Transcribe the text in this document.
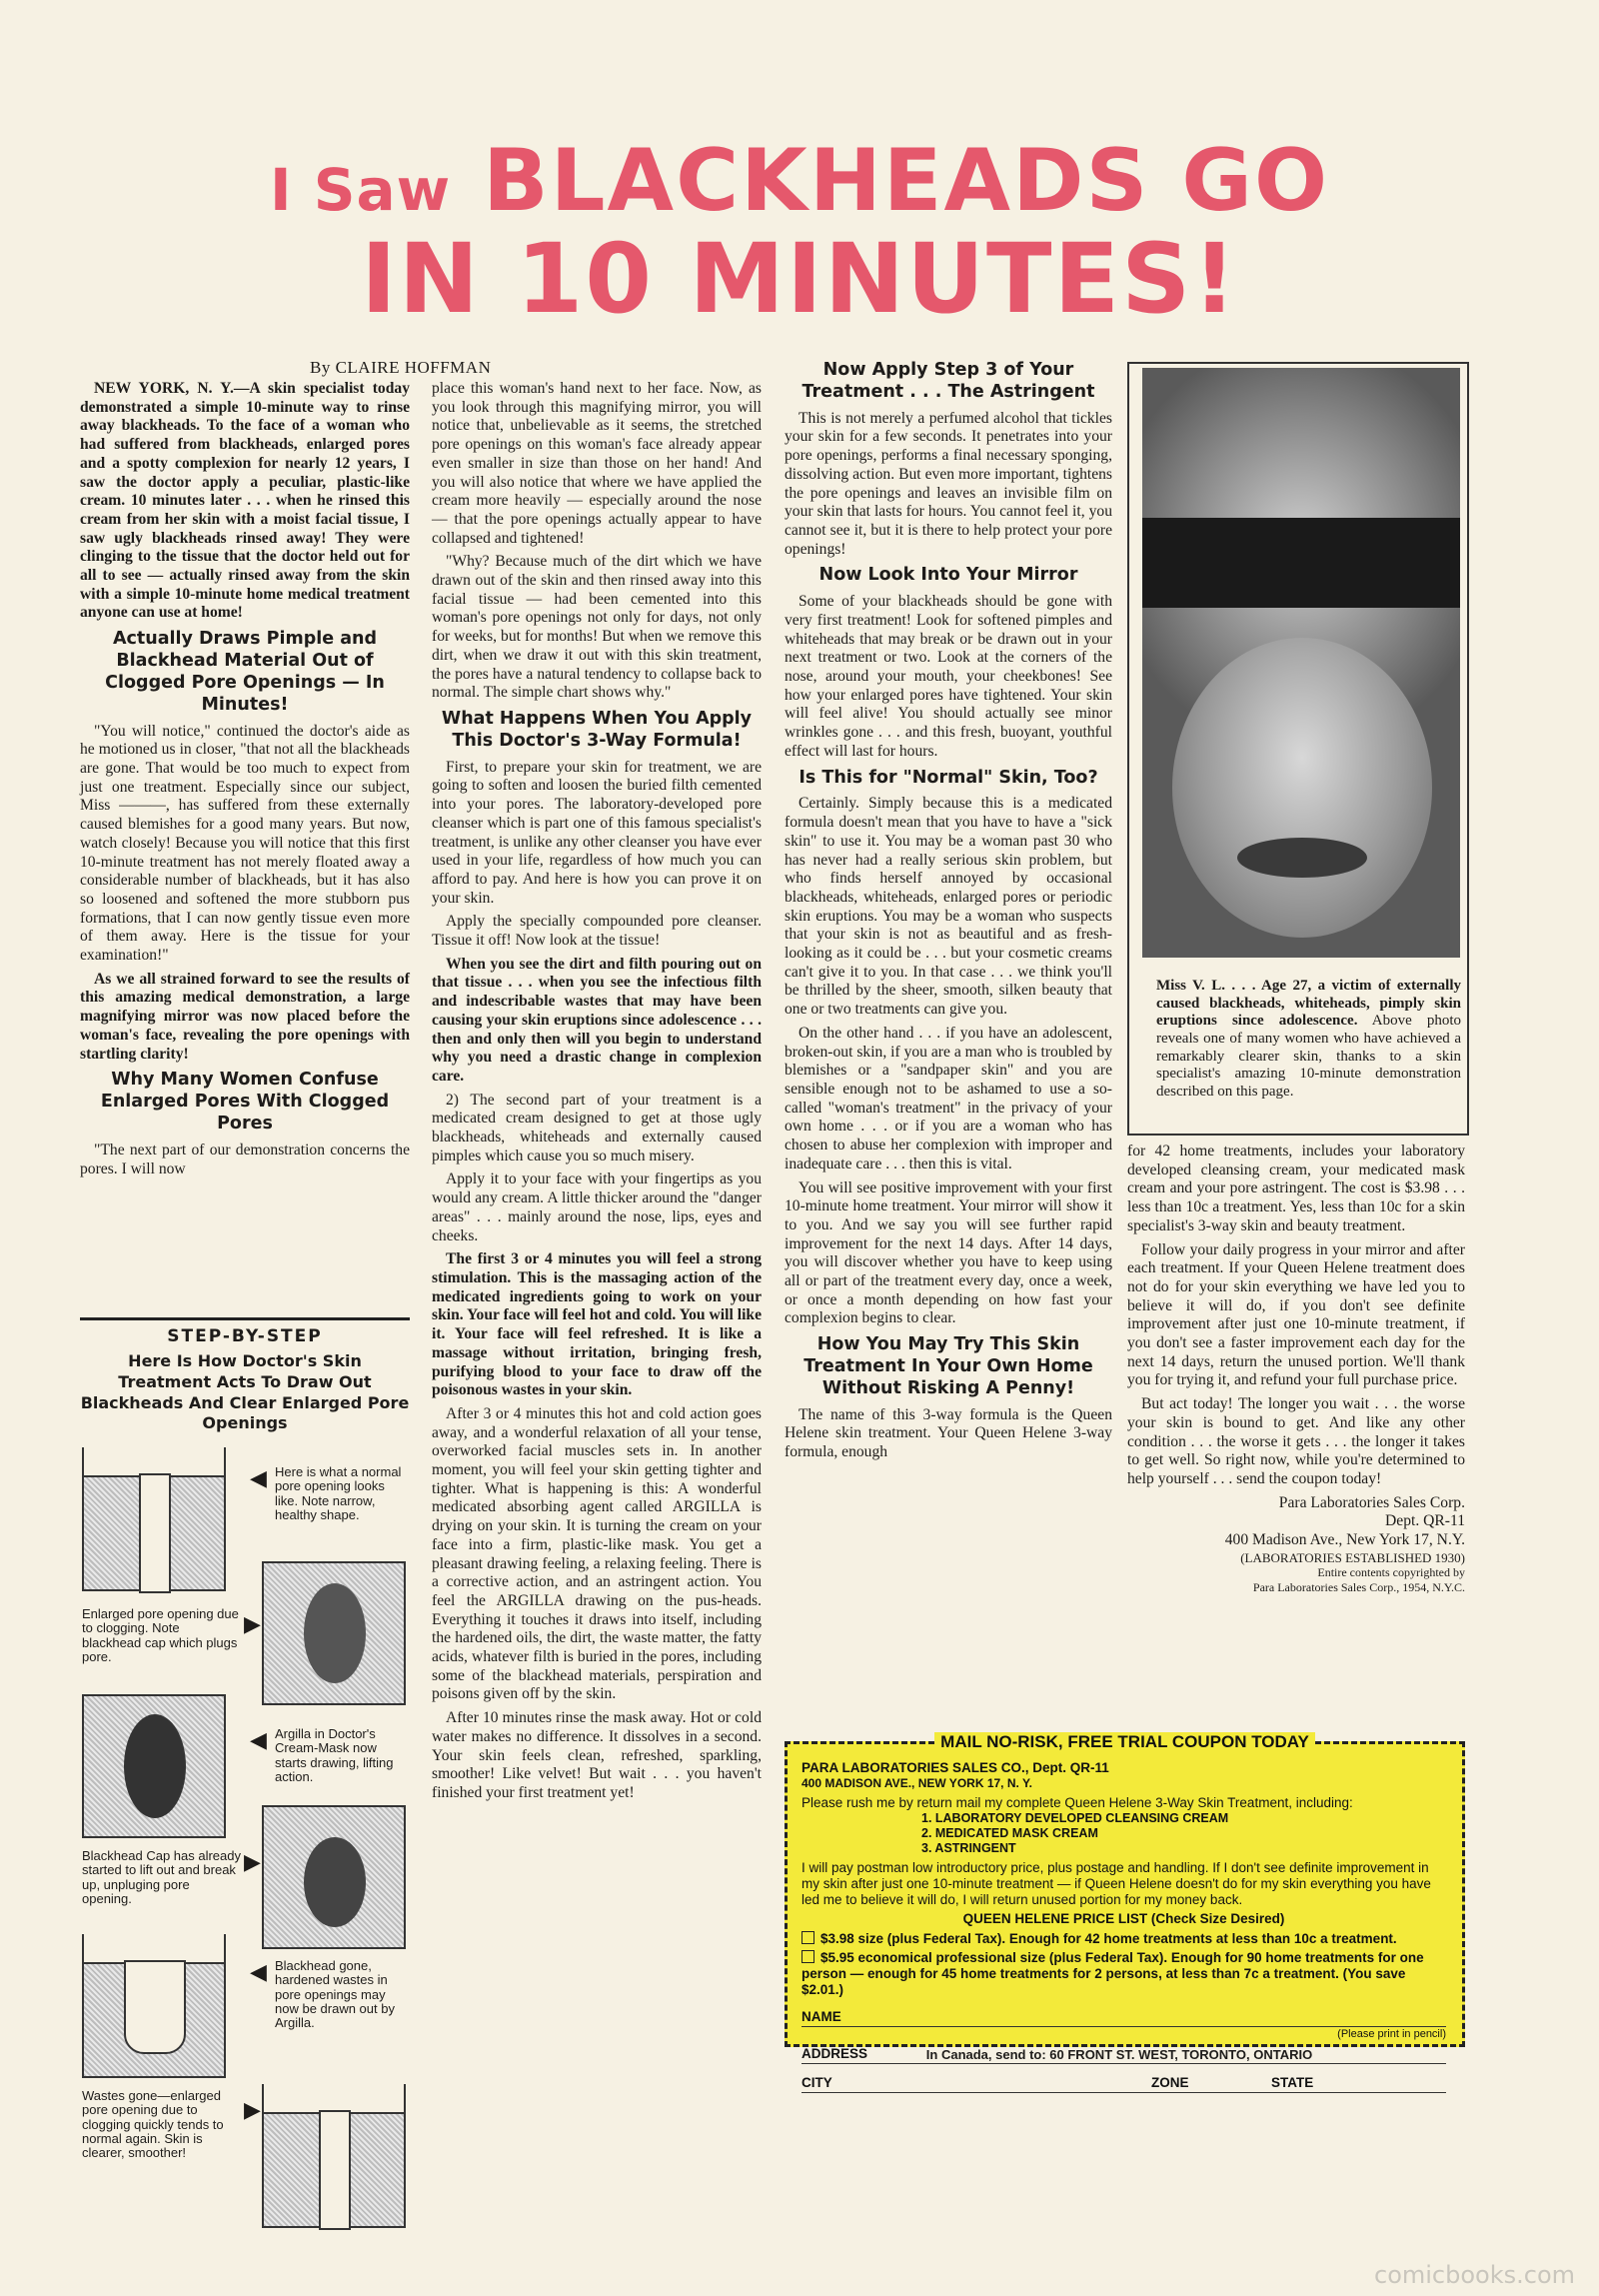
I Saw BLACKHEADS GO
IN 10 MINUTES!
By CLAIRE HOFFMAN

NEW YORK, N. Y.—A skin specialist today demonstrated a simple 10-minute way to rinse away blackheads. To the face of a woman who had suffered from blackheads, enlarged pores and a spotty complexion for nearly 12 years, I saw the doctor apply a peculiar, plastic-like cream. 10 minutes later . . . when he rinsed this cream from her skin with a moist facial tissue, I saw ugly blackheads rinsed away! They were clinging to the tissue that the doctor held out for all to see — actually rinsed away from the skin with a simple 10-minute home medical treatment anyone can use at home!

Actually Draws Pimple and Blackhead Material Out of Clogged Pore Openings — In Minutes!

"You will notice," continued the doctor's aide as he motioned us in closer, "that not all the blackheads are gone. That would be too much to expect from just one treatment. Especially since our subject, Miss ———, has suffered from these externally caused blemishes for a good many years. But now, watch closely! Because you will notice that this first 10-minute treatment has not merely floated away a considerable number of blackheads, but it has also so loosened and softened the more stubborn pus formations, that I can now gently tissue even more of them away. Here is the tissue for your examination!"

As we all strained forward to see the results of this amazing medical demonstration, a large magnifying mirror was now placed before the woman's face, revealing the pore openings with startling clarity!

Why Many Women Confuse Enlarged Pores With Clogged Pores

"The next part of our demonstration concerns the pores. I will now

STEP-BY-STEP
Here Is How Doctor's Skin Treatment Acts To Draw Out Blackheads And Clear Enlarged Pore Openings
◀ Here is what a normal pore opening looks like. Note narrow, healthy shape.
Enlarged pore opening due to clogging. Note blackhead cap which plugs pore.
▶
◀ Argilla in Doctor's Cream-Mask now starts drawing, lifting action.
Blackhead Cap has already started to lift out and break up, unpluging pore opening.
▶
◀ Blackhead gone, hardened wastes in pore openings may now be drawn out by Argilla.
Wastes gone—enlarged pore opening due to clogging quickly tends to normal again. Skin is clearer, smoother!
▶

place this woman's hand next to her face. Now, as you look through this magnifying mirror, you will notice that, unbelievable as it seems, the stretched pore openings on this woman's face already appear even smaller in size than those on her hand! And you will also notice that where we have applied the cream more heavily — especially around the nose — that the pore openings actually appear to have collapsed and tightened!

"Why? Because much of the dirt which we have drawn out of the skin and then rinsed away into this facial tissue — had been cemented into this woman's pore openings not only for days, not only for weeks, but for months! But when we remove this dirt, when we draw it out with this skin treatment, the pores have a natural tendency to collapse back to normal. The simple chart shows why."

What Happens When You Apply This Doctor's 3-Way Formula!

First, to prepare your skin for treatment, we are going to soften and loosen the buried filth cemented into your pores. The laboratory-developed pore cleanser which is part one of this famous specialist's treatment, is unlike any other cleanser you have ever used in your life, regardless of how much you can afford to pay. And here is how you can prove it on your skin.

Apply the specially compounded pore cleanser. Tissue it off! Now look at the tissue!

When you see the dirt and filth pouring out on that tissue . . . when you see the infectious filth and indescribable wastes that may have been causing your skin eruptions since adolescence . . . then and only then will you begin to understand why you need a drastic change in complexion care.

2) The second part of your treatment is a medicated cream designed to get at those ugly blackheads, whiteheads and externally caused pimples which cause you so much misery.

Apply it to your face with your fingertips as you would any cream. A little thicker around the "danger areas" . . . mainly around the nose, lips, eyes and cheeks.

The first 3 or 4 minutes you will feel a strong stimulation. This is the massaging action of the medicated ingredients going to work on your skin. Your face will feel hot and cold. You will like it. Your face will feel refreshed. It is like a massage without irritation, bringing fresh, purifying blood to your face to draw off the poisonous wastes in your skin.

After 3 or 4 minutes this hot and cold action goes away, and a wonderful relaxation of all your tense, overworked facial muscles sets in. In another moment, you will feel your skin getting tighter and tighter. What is happening is this: A wonderful medicated absorbing agent called ARGILLA is drying on your skin. It is turning the cream on your face into a firm, plastic-like mask. You get a pleasant drawing feeling, a relaxing feeling. There is a corrective action, and an astringent action. You feel the ARGILLA drawing on the pus-heads. Everything it touches it draws into itself, including the hardened oils, the dirt, the waste matter, the fatty acids, whatever filth is buried in the pores, including some of the blackhead materials, perspiration and poisons given off by the skin.

After 10 minutes rinse the mask away. Hot or cold water makes no difference. It dissolves in a second. Your skin feels clean, refreshed, sparkling, smoother! Like velvet! But wait . . . you haven't finished your first treatment yet!

Now Apply Step 3 of Your Treatment . . . The Astringent

This is not merely a perfumed alcohol that tickles your skin for a few seconds. It penetrates into your pore openings, performs a final necessary sponging, dissolving action. But even more important, tightens the pore openings and leaves an invisible film on your skin that lasts for hours. You cannot feel it, you cannot see it, but it is there to help protect your pore openings!

Now Look Into Your Mirror

Some of your blackheads should be gone with very first treatment! Look for softened pimples and whiteheads that may break or be drawn out in your next treatment or two. Look at the corners of the nose, around your mouth, your cheekbones! See how your enlarged pores have tightened. Your skin will feel alive! You should actually see minor wrinkles gone . . . and this fresh, buoyant, youthful effect will last for hours.

Is This for "Normal" Skin, Too?

Certainly. Simply because this is a medicated formula doesn't mean that you have to have a "sick skin" to use it. You may be a woman past 30 who has never had a really serious skin problem, but who finds herself annoyed by occasional blackheads, whiteheads, enlarged pores or periodic skin eruptions. You may be a woman who suspects that your skin is not as beautiful and as fresh-looking as it could be . . . but your cosmetic creams can't give it to you. In that case . . . we think you'll be thrilled by the sheer, smooth, silken beauty that one or two treatments can give you.

On the other hand . . . if you have an adolescent, broken-out skin, if you are a man who is troubled by blemishes or a "sandpaper skin" and you are sensible enough not to be ashamed to use a so-called "woman's treatment" in the privacy of your own home . . . or if you are a woman who has chosen to abuse her complexion with improper and inadequate care . . . then this is vital.

You will see positive improvement with your first 10-minute home treatment. Your mirror will show it to you. And we say you will see further rapid improvement for the next 14 days. After 14 days, you will discover whether you have to keep using all or part of the treatment every day, once a week, or once a month depending on how fast your complexion begins to clear.

How You May Try This Skin Treatment In Your Own Home Without Risking A Penny!

The name of this 3-way formula is the Queen Helene skin treatment. Your Queen Helene 3-way formula, enough

Miss V. L. . . . Age 27, a victim of externally caused blackheads, whiteheads, pimply skin eruptions since adolescence. Above photo reveals one of many women who have achieved a remarkably clearer skin, thanks to a skin specialist's amazing 10-minute demonstration described on this page.

for 42 home treatments, includes your laboratory developed cleansing cream, your medicated mask cream and your pore astringent. The cost is $3.98 . . . less than 10c a treatment. Yes, less than 10c for a skin specialist's 3-way skin and beauty treatment.

Follow your daily progress in your mirror and after each treatment. If your Queen Helene treatment does not do for your skin everything we have led you to believe it will do, if you don't see definite improvement after just one 10-minute treatment, if you don't see a faster improvement each day for the next 14 days, return the unused portion. We'll thank you for trying it, and refund your full purchase price.

But act today! The longer you wait . . . the worse your skin is bound to get. And like any other condition . . . the worse it gets . . . the longer it takes to get well. So right now, while you're determined to help yourself . . . send the coupon today!

Para Laboratories Sales Corp.
Dept. QR-11
400 Madison Ave., New York 17, N.Y.
(LABORATORIES ESTABLISHED 1930)
Entire contents copyrighted by
Para Laboratories Sales Corp., 1954, N.Y.C.
MAIL NO-RISK, FREE TRIAL COUPON TODAY
PARA LABORATORIES SALES CO., Dept. QR-11
400 MADISON AVE., NEW YORK 17, N. Y.
Please rush me by return mail my complete Queen Helene 3-Way Skin Treatment, including:
1. LABORATORY DEVELOPED CLEANSING CREAM
2. MEDICATED MASK CREAM
3. ASTRINGENT
I will pay postman low introductory price, plus postage and handling. If I don't see definite improvement in my skin after just one 10-minute treatment — if Queen Helene doesn't do for my skin everything you have led me to believe it will do, I will return unused portion for my money back.
QUEEN HELENE PRICE LIST (Check Size Desired)
$3.98 size (plus Federal Tax). Enough for 42 home treatments at less than 10c a treatment.
$5.95 economical professional size (plus Federal Tax). Enough for 90 home treatments for one person — enough for 45 home treatments for 2 persons, at less than 7c a treatment. (You save $2.01.)
NAME
(Please print in pencil)
ADDRESS
CITY	ZONE	STATE
In Canada, send to: 60 FRONT ST. WEST, TORONTO, ONTARIO
comicbooks.com
